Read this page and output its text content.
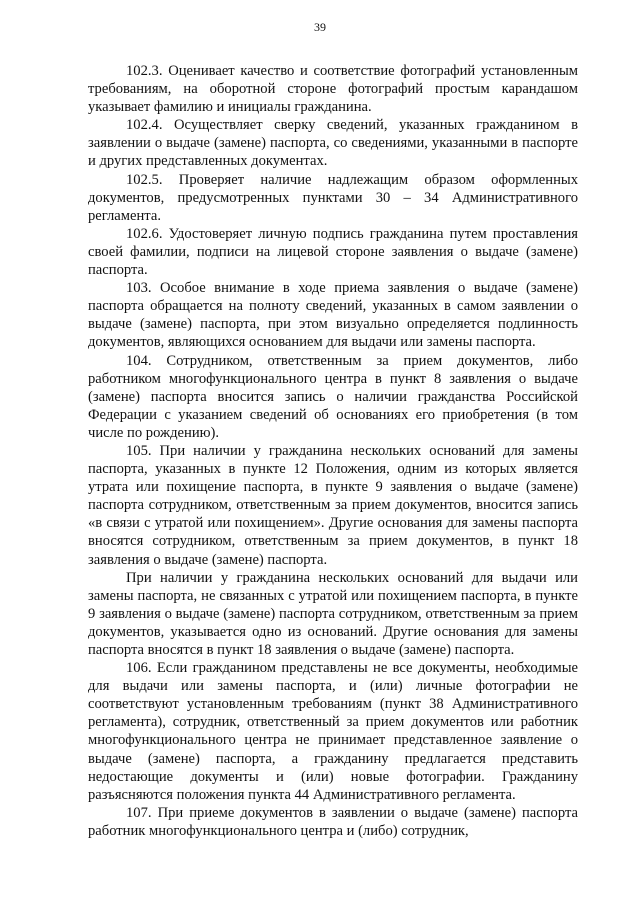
39

102.3. Оценивает качество и соответствие фотографий установленным требованиям, на оборотной стороне фотографий простым карандашом указывает фамилию и инициалы гражданина.

102.4. Осуществляет сверку сведений, указанных гражданином в заявлении о выдаче (замене) паспорта, со сведениями, указанными в паспорте и других представленных документах.

102.5. Проверяет наличие надлежащим образом оформленных документов, предусмотренных пунктами 30 – 34 Административного регламента.

102.6. Удостоверяет личную подпись гражданина путем проставления своей фамилии, подписи на лицевой стороне заявления о выдаче (замене) паспорта.

103. Особое внимание в ходе приема заявления о выдаче (замене) паспорта обращается на полноту сведений, указанных в самом заявлении о выдаче (замене) паспорта, при этом визуально определяется подлинность документов, являющихся основанием для выдачи или замены паспорта.

104. Сотрудником, ответственным за прием документов, либо работником многофункционального центра в пункт 8 заявления о выдаче (замене) паспорта вносится запись о наличии гражданства Российской Федерации с указанием сведений об основаниях его приобретения (в том числе по рождению).

105. При наличии у гражданина нескольких оснований для замены паспорта, указанных в пункте 12 Положения, одним из которых является утрата или похищение паспорта, в пункте 9 заявления о выдаче (замене) паспорта сотрудником, ответственным за прием документов, вносится запись «в связи с утратой или похищением». Другие основания для замены паспорта вносятся сотрудником, ответственным за прием документов, в пункт 18 заявления о выдаче (замене) паспорта.

При наличии у гражданина нескольких оснований для выдачи или замены паспорта, не связанных с утратой или похищением паспорта, в пункте 9 заявления о выдаче (замене) паспорта сотрудником, ответственным за прием документов, указывается одно из оснований. Другие основания для замены паспорта вносятся в пункт 18 заявления о выдаче (замене) паспорта.

106. Если гражданином представлены не все документы, необходимые для выдачи или замены паспорта, и (или) личные фотографии не соответствуют установленным требованиям (пункт 38 Административного регламента), сотрудник, ответственный за прием документов или работник многофункционального центра не принимает представленное заявление о выдаче (замене) паспорта, а гражданину предлагается представить недостающие документы и (или) новые фотографии. Гражданину разъясняются положения пункта 44 Административного регламента.

107. При приеме документов в заявлении о выдаче (замене) паспорта работник многофункционального центра и (либо) сотрудник,
